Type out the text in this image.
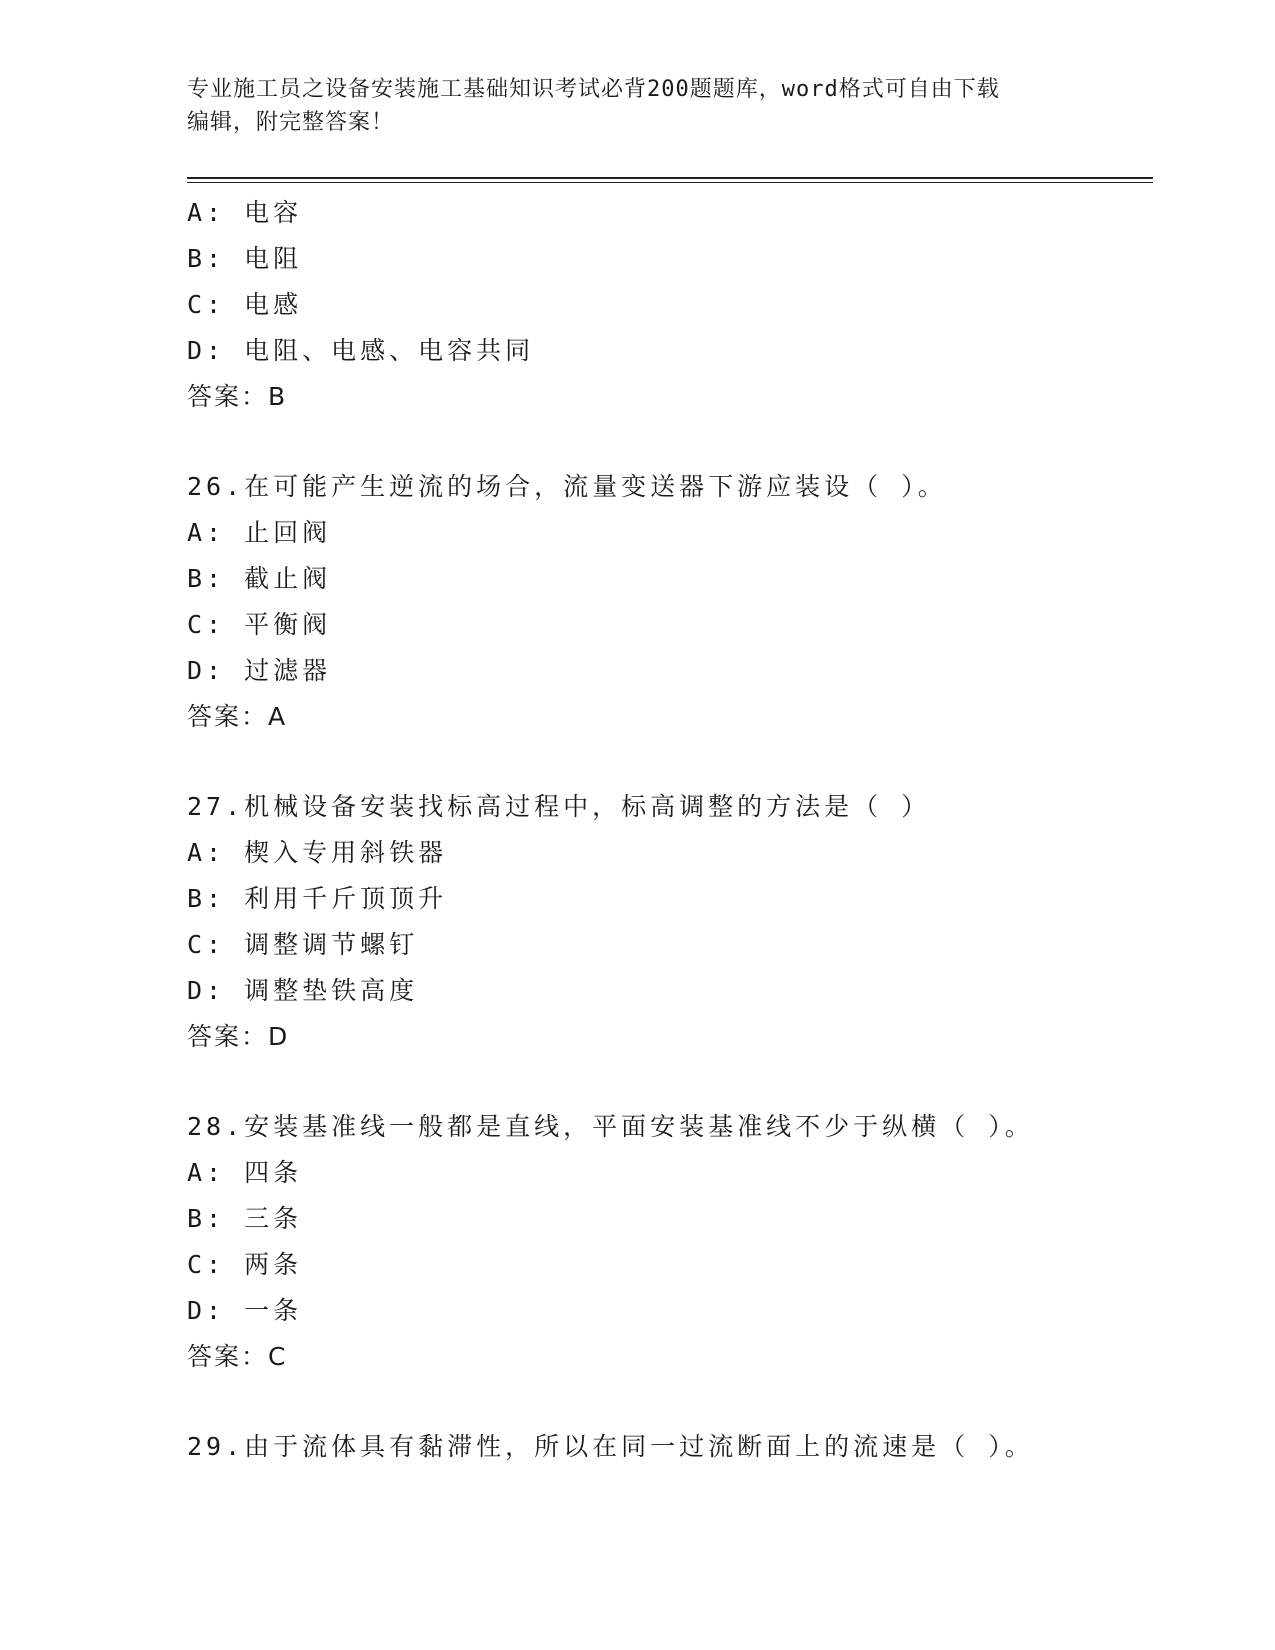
专业施工员之设备安装施工基础知识考试必背200题题库，word格式可自由下载
编辑，附完整答案！
A: 电容
B: 电阻
C: 电感
D: 电阻、电感、电容共同
答案：B
26.在可能产生逆流的场合，流量变送器下游应装设（ ）。
A: 止回阀
B: 截止阀
C: 平衡阀
D: 过滤器
答案：A
27.机械设备安装找标高过程中，标高调整的方法是（ ）
A: 楔入专用斜铁器
B: 利用千斤顶顶升
C: 调整调节螺钉
D: 调整垫铁高度
答案：D
28.安装基准线一般都是直线，平面安装基准线不少于纵横（ ）。
A: 四条
B: 三条
C: 两条
D: 一条
答案：C
29.由于流体具有黏滞性，所以在同一过流断面上的流速是（ ）。
